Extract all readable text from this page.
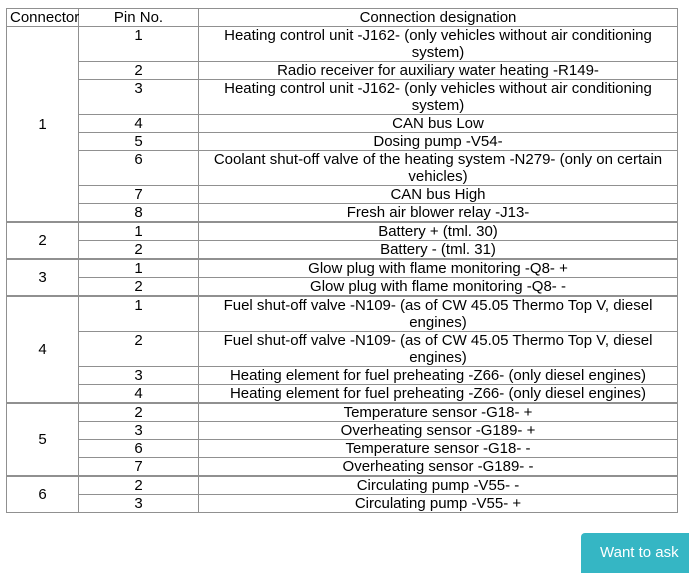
Connector	Pin No.	Connection designation
1	1	Heating control unit -J162- (only vehicles without air conditioning system)
	2	Radio receiver for auxiliary water heating -R149-
	3	Heating control unit -J162- (only vehicles without air conditioning system)
	4	CAN bus Low
	5	Dosing pump -V54-
	6	Coolant shut-off valve of the heating system -N279- (only on certain vehicles)
	7	CAN bus High
	8	Fresh air blower relay -J13-
2	1	Battery + (tml. 30)
	2	Battery - (tml. 31)
3	1	Glow plug with flame monitoring -Q8- +
	2	Glow plug with flame monitoring -Q8- -
4	1	Fuel shut-off valve -N109- (as of CW 45.05 Thermo Top V, diesel engines)
	2	Fuel shut-off valve -N109- (as of CW 45.05 Thermo Top V, diesel engines)
	3	Heating element for fuel preheating -Z66- (only diesel engines)
	4	Heating element for fuel preheating -Z66- (only diesel engines)
5	2	Temperature sensor -G18- +
	3	Overheating sensor -G189- +
	6	Temperature sensor -G18- -
	7	Overheating sensor -G189- -
6	2	Circulating pump -V55- -
	3	Circulating pump -V55- +
Want to ask
